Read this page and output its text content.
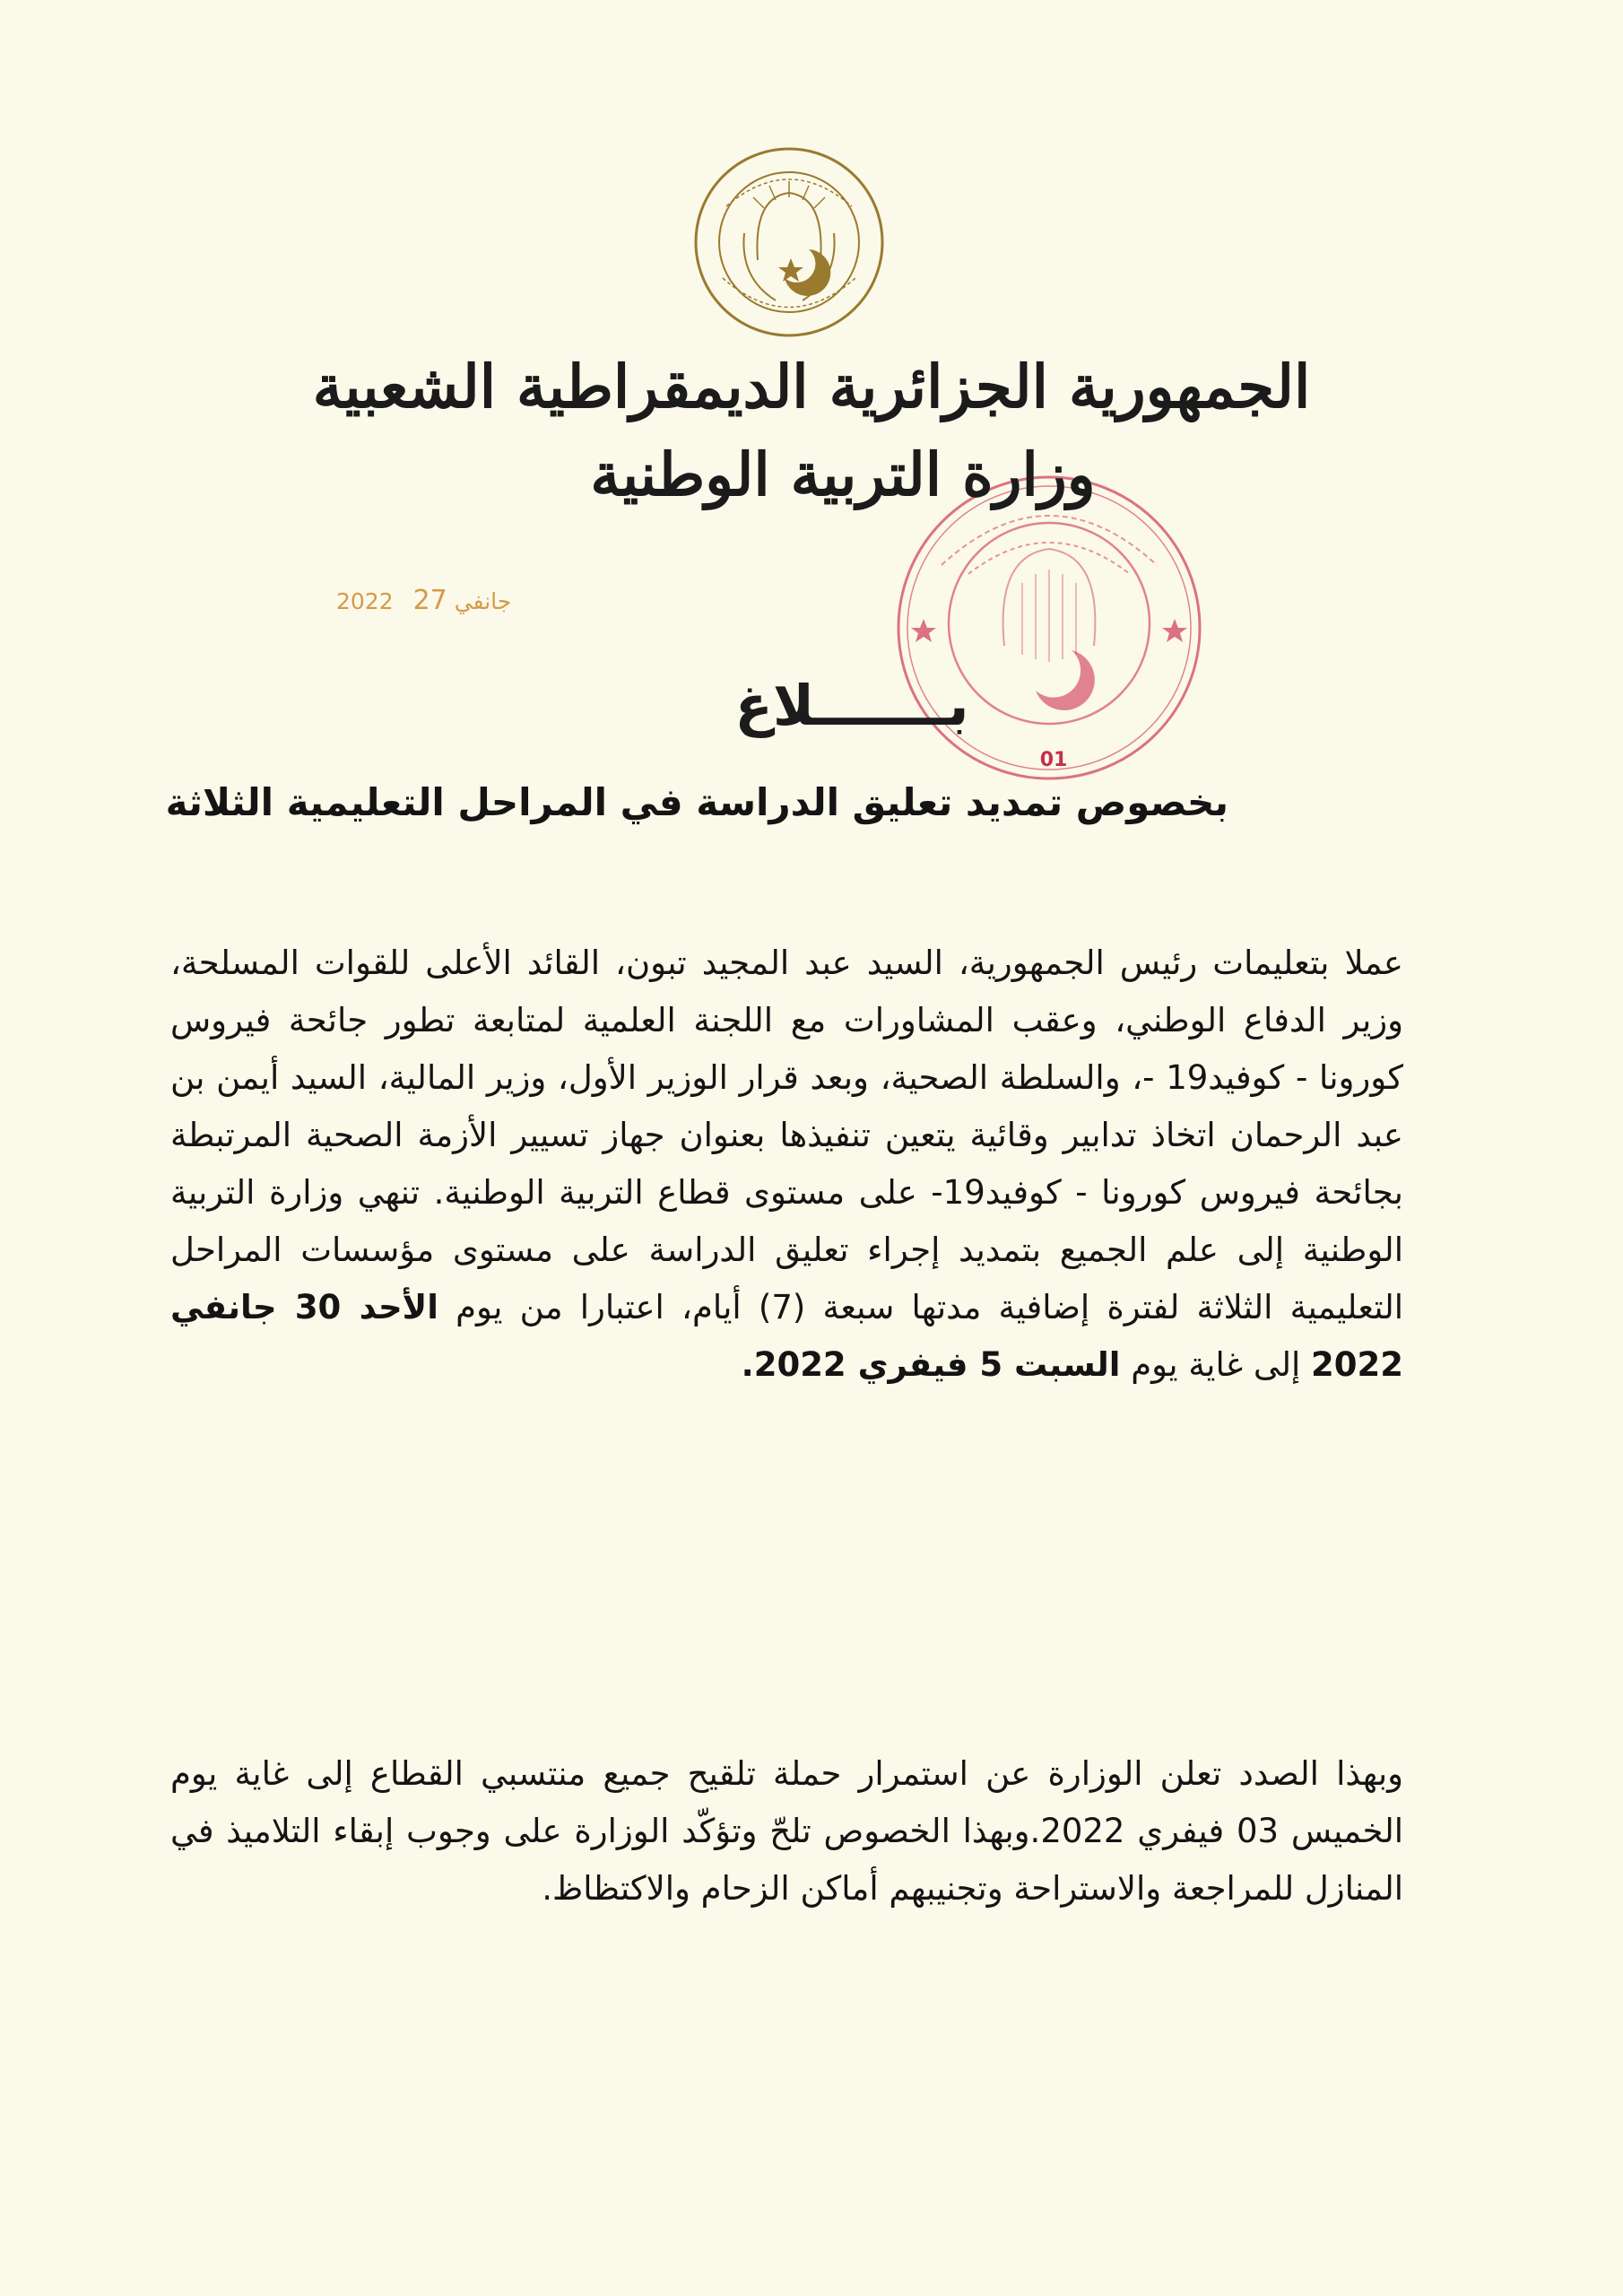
01
الجمهورية الجزائرية الديمقراطية الشعبية
وزارة التربية الوطنية
2022	جانفي 27
بـــــــلاغ
بخصوص تمديد تعليق الدراسة في المراحل التعليمية الثلاثة
عملا بتعليمات رئيس الجمهورية، السيد عبد المجيد تبون، القائد الأعلى للقوات المسلحة، وزير الدفاع الوطني، وعقب المشاورات مع اللجنة العلمية لمتابعة تطور جائحة فيروس كورونا - كوفيد19 -، والسلطة الصحية، وبعد قرار الوزير الأول، وزير المالية، السيد أيمن بن عبد الرحمان اتخاذ تدابير وقائية يتعين تنفيذها بعنوان جهاز تسيير الأزمة الصحية المرتبطة بجائحة فيروس كورونا - كوفيد19- على مستوى قطاع التربية الوطنية. تنهي وزارة التربية الوطنية إلى علم الجميع بتمديد إجراء تعليق الدراسة على مستوى مؤسسات المراحل التعليمية الثلاثة لفترة إضافية مدتها سبعة (7) أيام، اعتبارا من يوم الأحد 30 جانفي 2022 إلى غاية يوم السبت 5 فيفري 2022.
وبهذا الصدد تعلن الوزارة عن استمرار حملة تلقيح جميع منتسبي القطاع إلى غاية يوم الخميس 03 فيفري 2022.وبهذا الخصوص تلحّ وتؤكّد الوزارة على وجوب إبقاء التلاميذ في المنازل للمراجعة والاستراحة وتجنيبهم أماكن الزحام والاكتظاظ.
